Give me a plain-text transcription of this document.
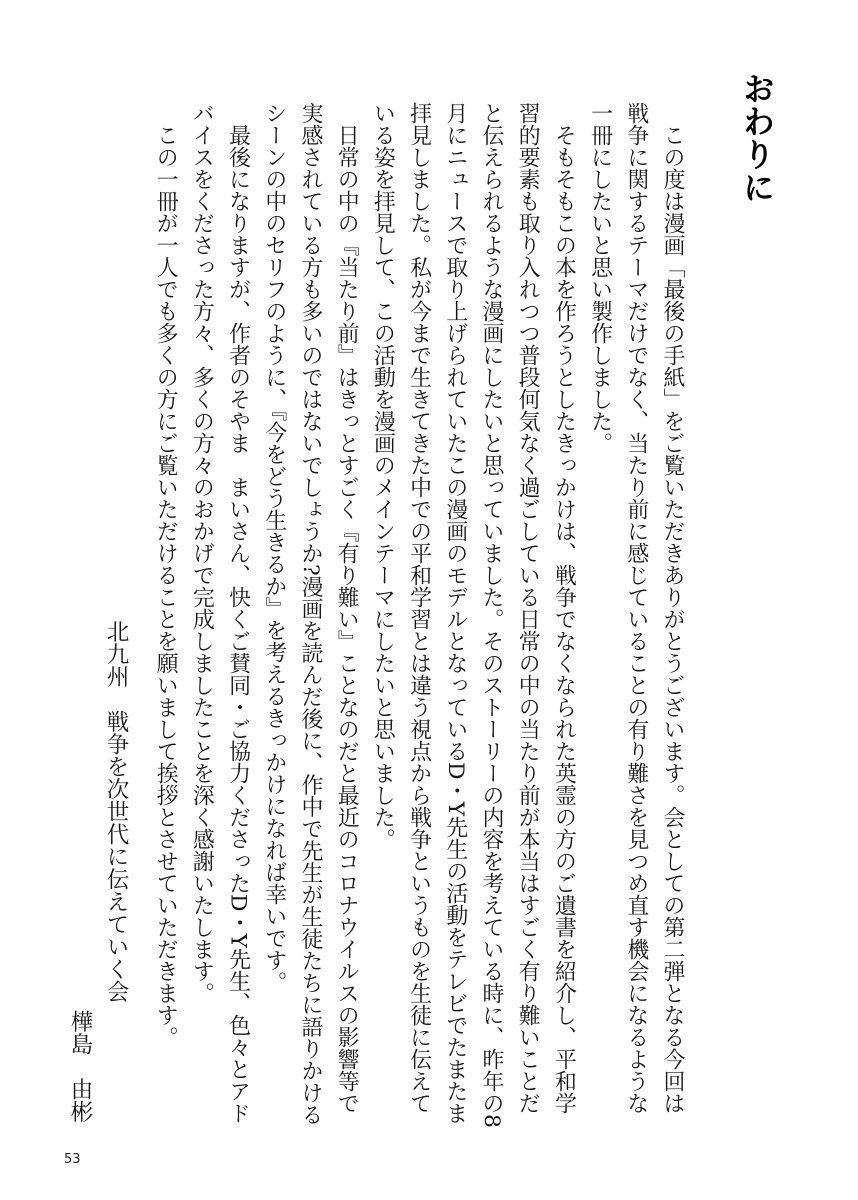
おわりに

この度は漫画「最後の手紙」をご覧いただきありがとうございます。会としての第二弾となる今回は戦争に関するテーマだけでなく、当たり前に感じていることの有り難さを見つめ直す機会になるような一冊にしたいと思い製作しました。

そもそもこの本を作ろうとしたきっかけは、戦争でなくなられた英霊の方のご遺書を紹介し、平和学習的要素も取り入れつつ普段何気なく過ごしている日常の中の当たり前が本当はすごく有り難いことだと伝えられるような漫画にしたいと思っていました。そのストーリーの内容を考えている時に、昨年の8月にニュースで取り上げられていたこの漫画のモデルとなっているD・Y先生の活動をテレビでたまたま拝見しました。私が今まで生きてきた中での平和学習とは違う視点から戦争というものを生徒に伝えている姿を拝見して、この活動を漫画のメインテーマにしたいと思いました。

日常の中の『当たり前』はきっとすごく『有り難い』ことなのだと最近のコロナウイルスの影響等で実感されている方も多いのではないでしょうか?漫画を読んだ後に、作中で先生が生徒たちに語りかけるシーンの中のセリフのように、『今をどう生きるか』を考えるきっかけになれば幸いです。

最後になりますが、作者のそやま　まいさん、快くご賛同・ご協力くださったD・Y先生、色々とアドバイスをくださった方々、多くの方々のおかげで完成しましたことを深く感謝いたします。

この一冊が一人でも多くの方にご覧いただけることを願いまして挨拶とさせていただきます。

北九州　戦争を次世代に伝えていく会
樺島　由彬
53
